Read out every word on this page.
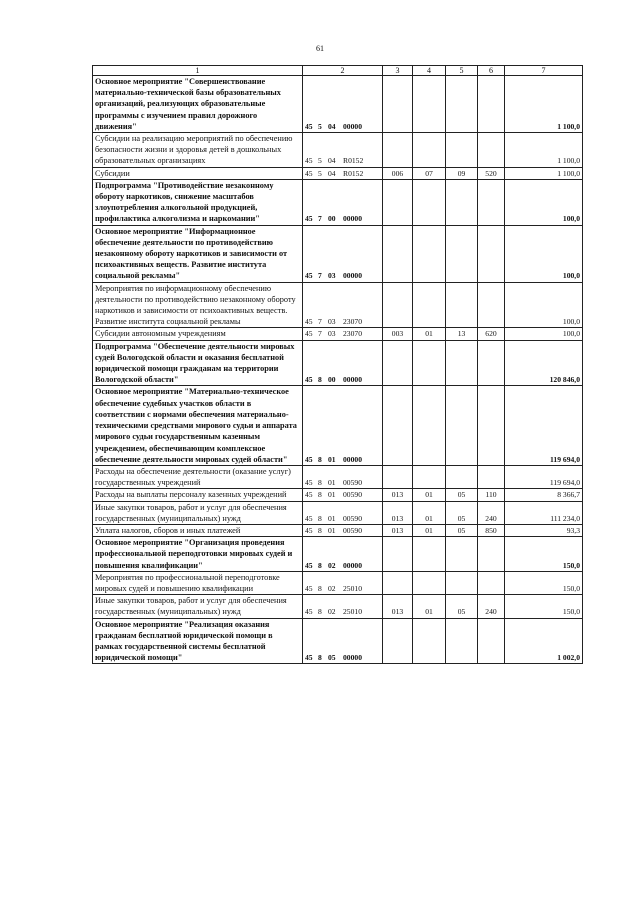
61
1	2	3	4	5	6	7
Основное мероприятие "Совершенствование материально-технической базы образовательных организаций, реализующих образовательные программы с изучением правил дорожного движения"	45 5 04 00000					1 100,0
Субсидии на реализацию мероприятий по обеспечению безопасности жизни и здоровья детей в дошкольных образовательных организациях	45 5 04 R0152					1 100,0
Субсидии	45 5 04 R0152	006	07	09	520	1 100,0
Подпрограмма "Противодействие незаконному обороту наркотиков, снижение масштабов злоупотребления алкогольной продукцией, профилактика алкоголизма и наркомании"	45 7 00 00000					100,0
Основное мероприятие "Информационное обеспечение деятельности по противодействию незаконному обороту наркотиков и зависимости от психоактивных веществ. Развитие института социальной рекламы"	45 7 03 00000					100,0
Мероприятия по информационному обеспечению деятельности по противодействию незаконному обороту наркотиков и зависимости от психоактивных веществ. Развитие института социальной рекламы	45 7 03 23070					100,0
Субсидии автономным учреждениям	45 7 03 23070	003	01	13	620	100,0
Подпрограмма "Обеспечение деятельности мировых судей Вологодской области и оказания бесплатной юридической помощи гражданам на территории Вологодской области"	45 8 00 00000					120 846,0
Основное мероприятие "Материально-техническое обеспечение судебных участков области в соответствии с нормами обеспечения материально-техническими средствами мирового судьи и аппарата мирового судьи государственным казенным учреждением, обеспечивающим комплексное обеспечение деятельности мировых судей области"	45 8 01 00000					119 694,0
Расходы на обеспечение деятельности (оказание услуг) государственных учреждений	45 8 01 00590					119 694,0
Расходы на выплаты персоналу казенных учреждений	45 8 01 00590	013	01	05	110	8 366,7
Иные закупки товаров, работ и услуг для обеспечения государственных (муниципальных) нужд	45 8 01 00590	013	01	05	240	111 234,0
Уплата налогов, сборов и иных платежей	45 8 01 00590	013	01	05	850	93,3
Основное мероприятие "Организация проведения профессиональной переподготовки мировых судей и повышения квалификации"	45 8 02 00000					150,0
Мероприятия по профессиональной переподготовке мировых судей и повышению квалификации	45 8 02 25010					150,0
Иные закупки товаров, работ и услуг для обеспечения государственных (муниципальных) нужд	45 8 02 25010	013	01	05	240	150,0
Основное мероприятие "Реализация оказания гражданам бесплатной юридической помощи в рамках государственной системы бесплатной юридической помощи"	45 8 05 00000					1 002,0
